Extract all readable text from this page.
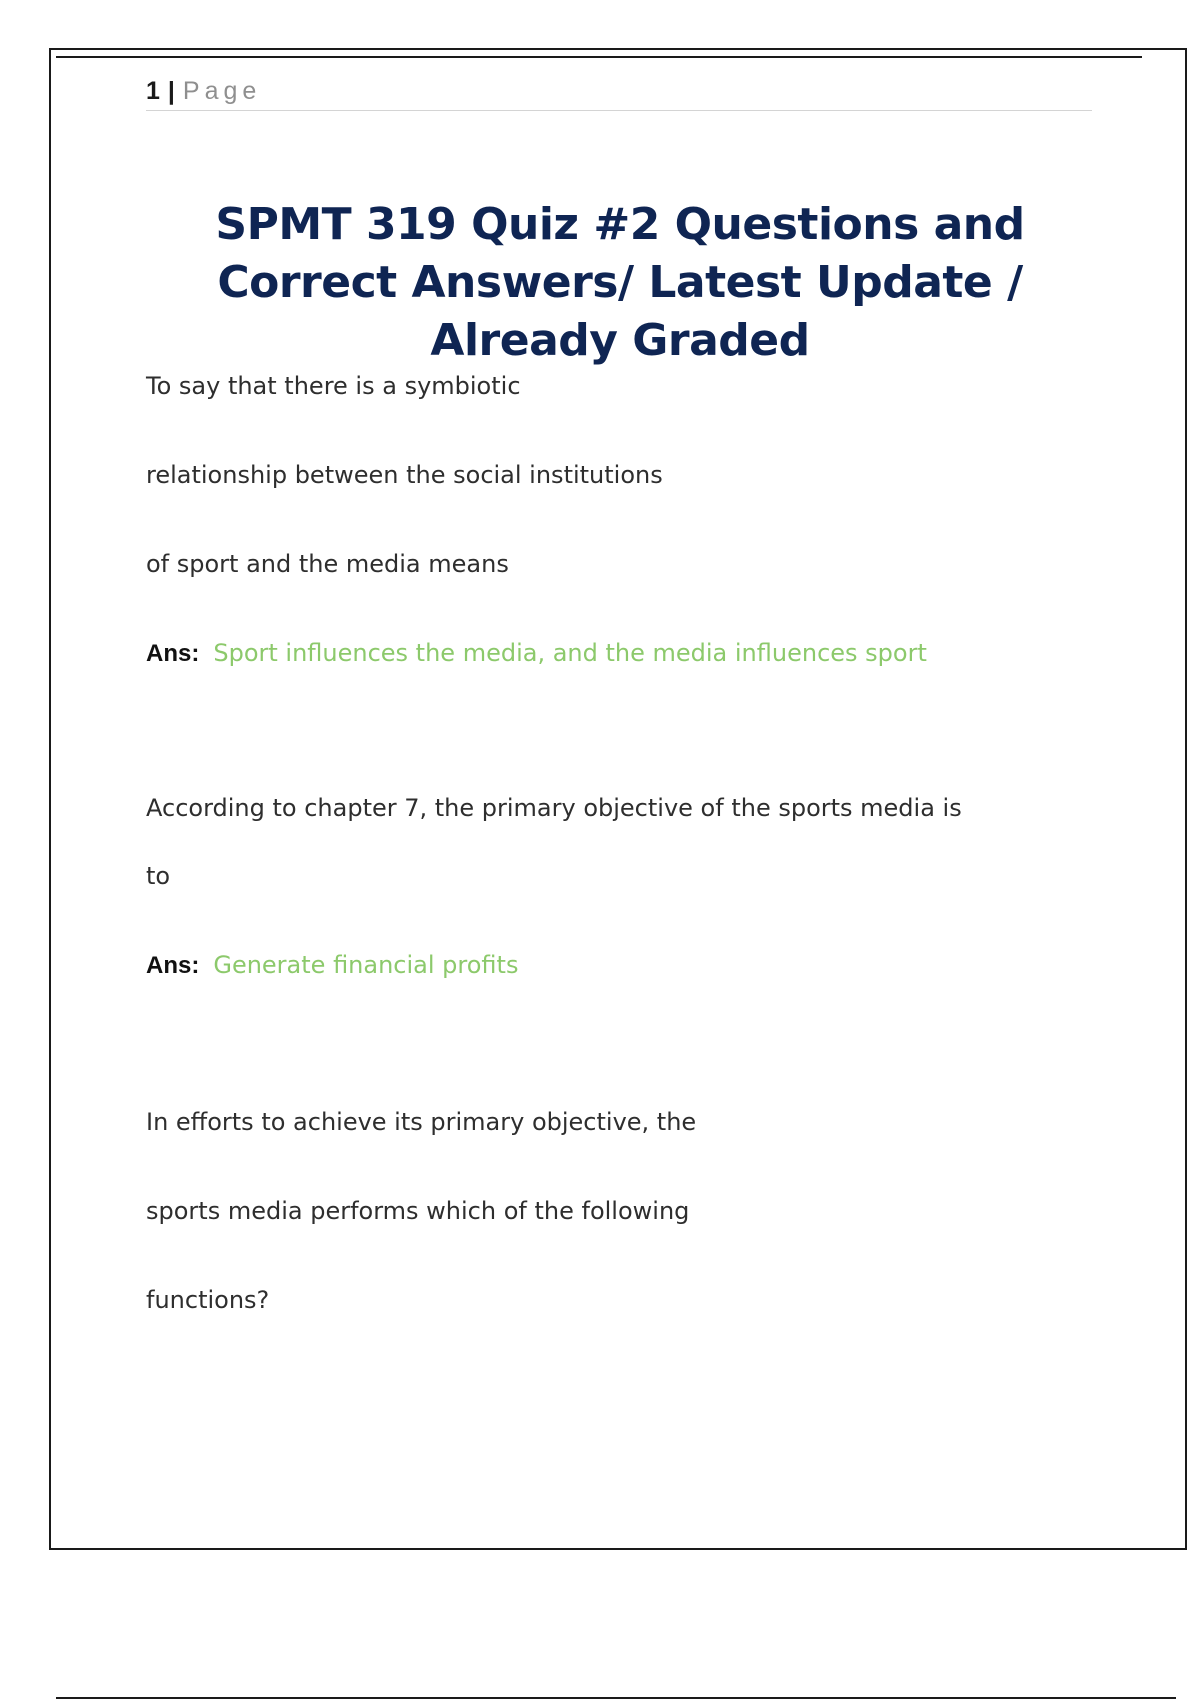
1 | Page
SPMT 319 Quiz #2 Questions and Correct Answers/ Latest Update / Already Graded

To say that there is a symbiotic

relationship between the social institutions

of sport and the media means

Ans: Sport influences the media, and the media influences sport

According to chapter 7, the primary objective of the sports media is

to

Ans: Generate financial profits

In efforts to achieve its primary objective, the

sports media performs which of the following

functions?
